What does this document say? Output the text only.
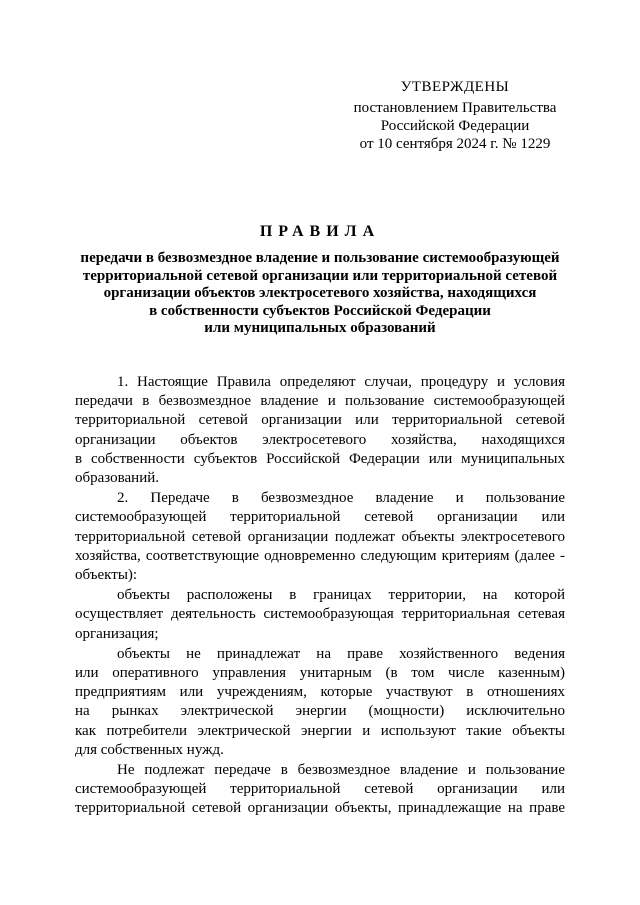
УТВЕРЖДЕНЫ
постановлением Правительства
Российской Федерации
от 10 сентября 2024 г. № 1229
ПРАВИЛА
передачи в безвозмездное владение и пользование системообразующей
территориальной сетевой организации или территориальной сетевой
организации объектов электросетевого хозяйства, находящихся
в собственности субъектов Российской Федерации
или муниципальных образований

1. Настоящие Правила определяют случаи, процедуру и условия
передачи в безвозмездное владение и пользование системообразующей
территориальной сетевой организации или территориальной сетевой
организации объектов электросетевого хозяйства, находящихся
в собственности субъектов Российской Федерации или муниципальных
образований.

2. Передаче в безвозмездное владение и пользование
системообразующей территориальной сетевой организации или
территориальной сетевой организации подлежат объекты электросетевого
хозяйства, соответствующие одновременно следующим критериям (далее -
объекты):

объекты расположены в границах территории, на которой
осуществляет деятельность системообразующая территориальная сетевая
организация;

объекты не принадлежат на праве хозяйственного ведения
или оперативного управления унитарным (в том числе казенным)
предприятиям или учреждениям, которые участвуют в отношениях
на рынках электрической энергии (мощности) исключительно
как потребители электрической энергии и используют такие объекты
для собственных нужд.

Не подлежат передаче в безвозмездное владение и пользование
системообразующей территориальной сетевой организации или
территориальной сетевой организации объекты, принадлежащие на праве
